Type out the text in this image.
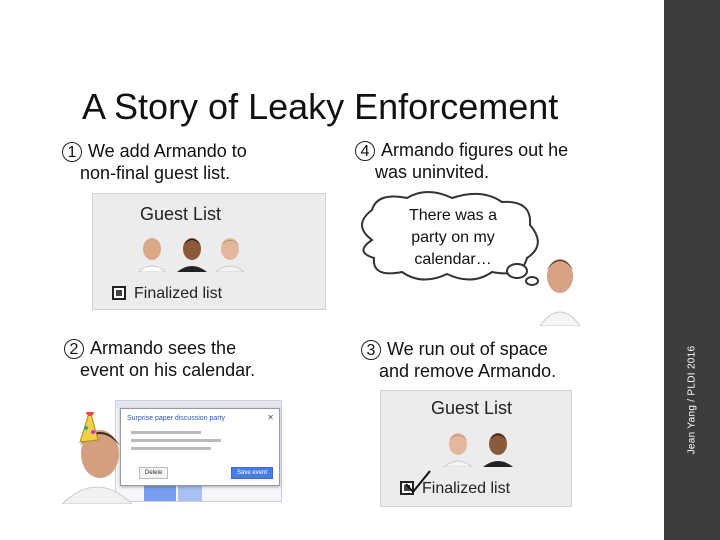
Jean Yang / PLDI 2016
A Story of Leaky Enforcement
1 We add Armando to
non-final guest list.
Guest List
Finalized list
4 Armando figures out he
was uninvited.
There was a
party on my
calendar…
2 Armando sees the
event on his calendar.
Surprise paper discussion party	✕
Delete	Save event
3 We run out of space
and remove Armando.
Guest List
Finalized list
